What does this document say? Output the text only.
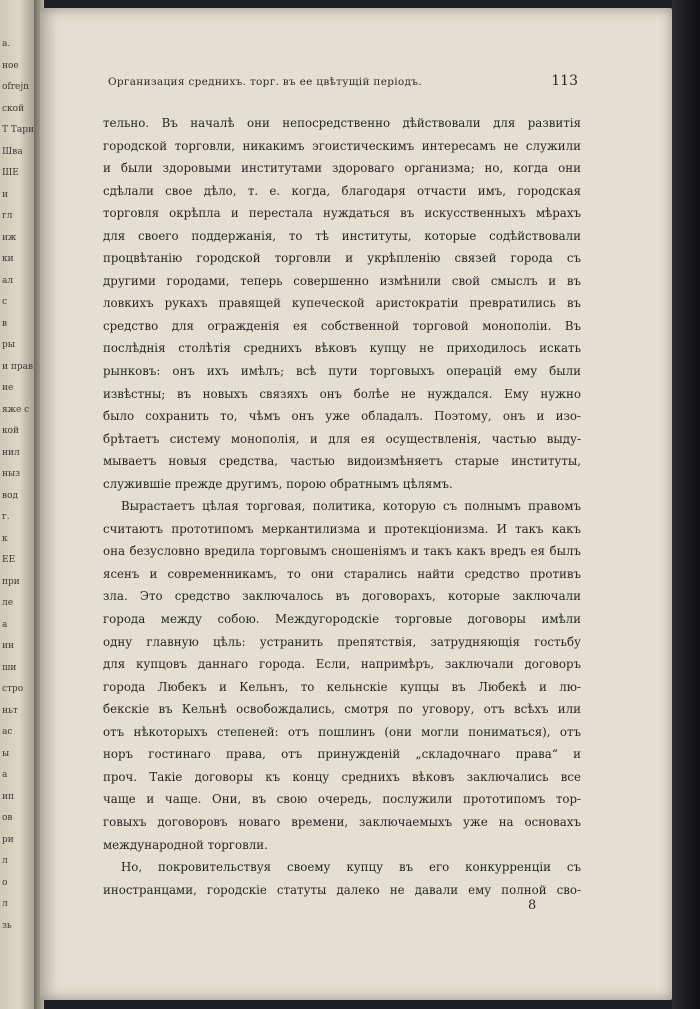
a.
ное
ofrejn
ской
Т Тари
Шва
ШЕ
и
гл
иж
ки
ал
с
в
ры
и прав
ие
яже с
кой
нил
ныз
вод
г.
к
ЕЕ
при
ле
a
ин
ши
стро
ньт
ас
ы
a
ип
ов
ри
л
о
л
зь
Организация среднихъ. торг. въ ее цвѣтущій періодъ.	113
тельно. Въ началѣ они непосредственно дѣйствовали для развитія
городской торговли, никакимъ эгоистическимъ интересамъ не служили
и были здоровыми институтами здороваго организма; но, когда они
сдѣлали свое дѣло, т. е. когда, благодаря отчасти имъ, городская
торговля окрѣпла и перестала нуждаться въ искусственныхъ мѣрахъ
для своего поддержанія, то тѣ институты, которые содѣйствовали
процвѣтанію городской торговли и укрѣпленію связей города съ
другими городами, теперь совершенно измѣнили свой смыслъ и въ
ловкихъ рукахъ правящей купеческой аристократіи превратились въ
средство для огражденія ея собственной торговой монополіи. Въ
послѣднія столѣтія среднихъ вѣковъ купцу не приходилось искать
рынковъ: онъ ихъ имѣлъ; всѣ пути торговыхъ операцій ему были
извѣстны; въ новыхъ связяхъ онъ болѣе не нуждался. Ему нужно
было сохранить то, чѣмъ онъ уже обладалъ. Поэтому, онъ и изо-
брѣтаетъ систему монополія, и для ея осуществленія, частью выду-
мываетъ новыя средства, частью видоизмѣняетъ старые институты,
служившіе прежде другимъ, порою обратнымъ цѣлямъ.
Вырастаетъ цѣлая торговая, политика, которую съ полнымъ правомъ
считаютъ прототипомъ меркантилизма и протекціонизма. И такъ какъ
она безусловно вредила торговымъ сношеніямъ и такъ какъ вредъ ея былъ
ясенъ и современникамъ, то они старались найти средство противъ
зла. Это средство заключалось въ договорахъ, которые заключали
города между собою. Междугородскіе торговые договоры имѣли
одну главную цѣль: устранить препятствія, затрудняющія гостьбу
для купцовъ даннаго города. Если, напримѣръ, заключали договоръ
города Любекъ и Кельнъ, то кельнскіе купцы въ Любекѣ и лю-
бекскіе въ Кельнѣ освобождались, смотря по уговору, отъ всѣхъ или
отъ нѣкоторыхъ степеней: отъ пошлинъ (они могли пониматься), отъ
норъ гостинаго права, отъ принужденій „складочнаго права“ и
проч. Такіе договоры къ концу среднихъ вѣковъ заключались все
чаще и чаще. Они, въ свою очередь, послужили прототипомъ тор-
говыхъ договоровъ новаго времени, заключаемыхъ уже на основахъ
международной торговли.
Но, покровительствуя своему купцу въ его конкурренціи съ
иностранцами, городскіе статуты далеко не давали ему полной сво-
8
